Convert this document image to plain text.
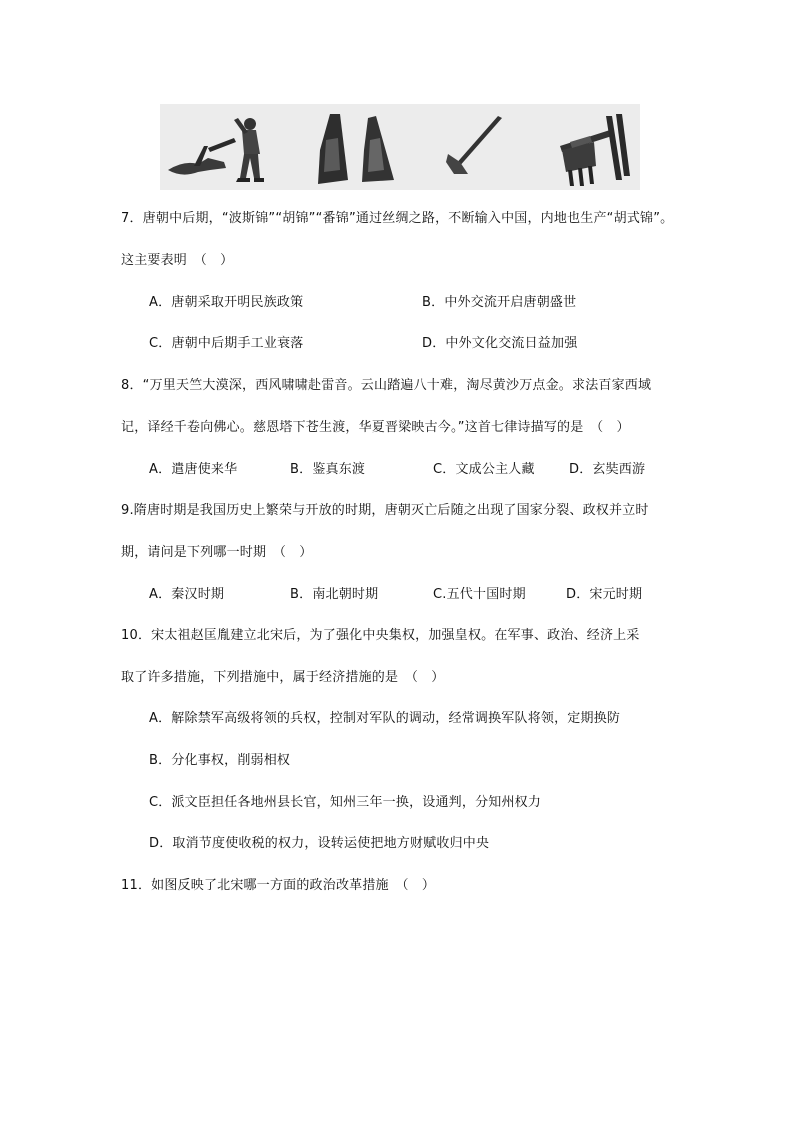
7．唐朝中后期，“波斯锦”“胡锦”“番锦”通过丝绸之路，不断输入中国，内地也生产“胡式锦”。
这主要表明　（　）
A．唐朝采取开明民族政策	B．中外交流开启唐朝盛世
C．唐朝中后期手工业衰落	D．中外文化交流日益加强
8．“万里天竺大漠深，西风啸啸赴雷音。云山踏遍八十难，淘尽黄沙万点金。求法百家西域
记，译经千卷向佛心。慈恩塔下苍生渡，华夏晋梁映古今。”这首七律诗描写的是　（　）
A．遣唐使来华	B．鉴真东渡	C．文成公主人藏	D．玄奘西游
9.隋唐时期是我国历史上繁荣与开放的时期，唐朝灭亡后随之出现了国家分裂、政权并立时
期，请问是下列哪一时期　（　）
A．秦汉时期	B．南北朝时期	C.五代十国时期	D．宋元时期
10．宋太祖赵匡胤建立北宋后，为了强化中央集权，加强皇权。在军事、政治、经济上采
取了许多措施，下列措施中，属于经济措施的是　（　）
A．解除禁军高级将领的兵权，控制对军队的调动，经常调换军队将领，定期换防
B．分化事权，削弱相权
C．派文臣担任各地州县长官，知州三年一换，设通判，分知州权力
D．取消节度使收税的权力，设转运使把地方财赋收归中央
11．如图反映了北宋哪一方面的政治改革措施　（　）
